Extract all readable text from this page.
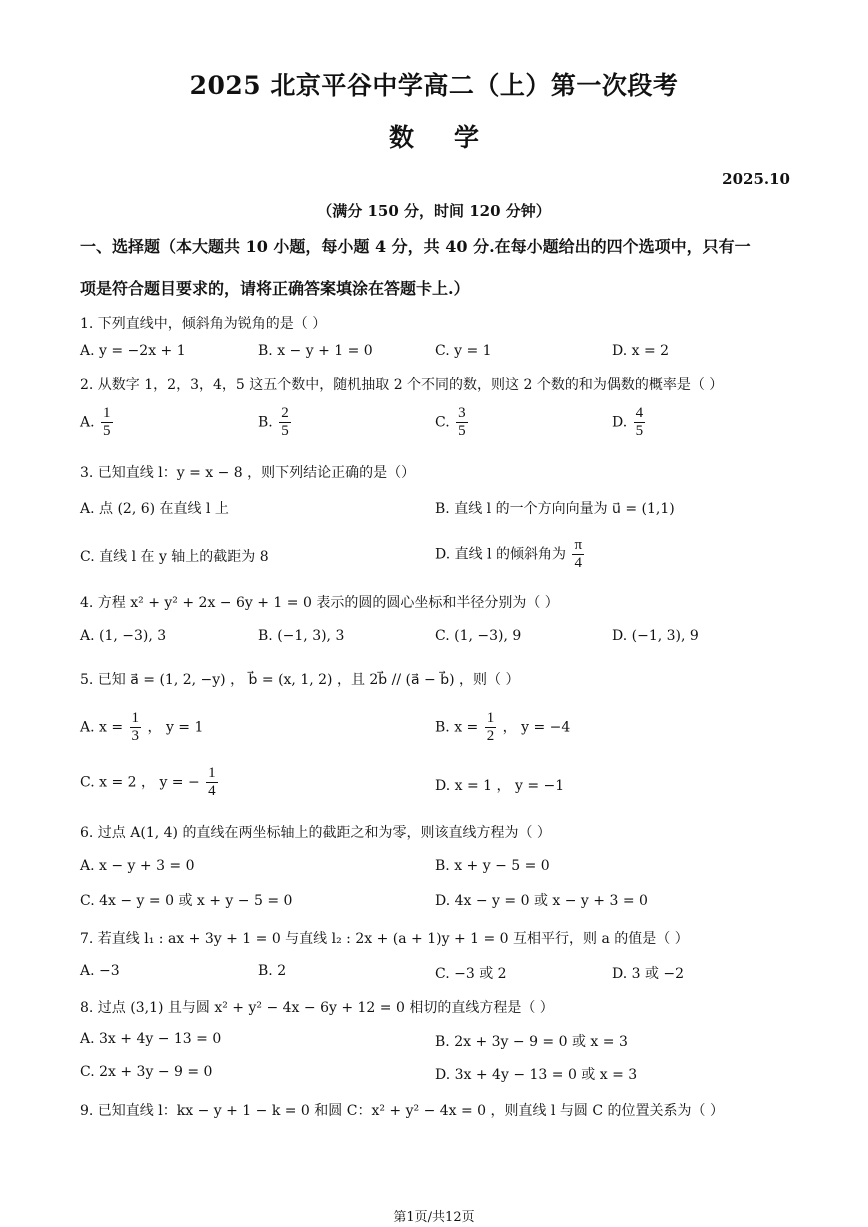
2025 北京平谷中学高二（上）第一次段考
数学
2025.10
（满分 150 分，时间 120 分钟）
一、选择题（本大题共 10 小题，每小题 4 分，共 40 分.在每小题给出的四个选项中，只有一
项是符合题目要求的，请将正确答案填涂在答题卡上.）
1. 下列直线中，倾斜角为锐角的是（ ）
A. y = −2x + 1	B. x − y + 1 = 0	C. y = 1	D. x = 2
2. 从数字 1，2，3，4，5 这五个数中，随机抽取 2 个不同的数，则这 2 个数的和为偶数的概率是（ ）
A. $\frac{1}{5}$	B. $\frac{2}{5}$	C. $\frac{3}{5}$	D. $\frac{4}{5}$
3. 已知直线 l：y = x − 8 ，则下列结论正确的是（）
A. 点 (2, 6) 在直线 l 上	B. 直线 l 的一个方向向量为 u⃗ = (1,1)
C. 直线 l 在 y 轴上的截距为 8	D. 直线 l 的倾斜角为 $\frac{\pi}{4}$
4. 方程 x² + y² + 2x − 6y + 1 = 0 表示的圆的圆心坐标和半径分别为（ ）
A. (1, −3), 3	B. (−1, 3), 3	C. (1, −3), 9	D. (−1, 3), 9
5. 已知 a⃗ = (1, 2, −y) ， b⃗ = (x, 1, 2) ，且 2b⃗ // (a⃗ − b⃗) ，则（ ）
A. $x = \frac{1}{3}$ ， y = 1	B. $x = \frac{1}{2}$ ， y = −4
C. x = 2 ， y = − $\frac{1}{4}$	D. x = 1 ， y = −1
6. 过点 A(1, 4) 的直线在两坐标轴上的截距之和为零，则该直线方程为（ ）
A. x − y + 3 = 0	B. x + y − 5 = 0
C. 4x − y = 0 或 x + y − 5 = 0	D. 4x − y = 0 或 x − y + 3 = 0
7. 若直线 l₁ : ax + 3y + 1 = 0 与直线 l₂ : 2x + (a + 1)y + 1 = 0 互相平行，则 a 的值是（ ）
A. −3	B. 2	C. −3 或 2	D. 3 或 −2
8. 过点 (3,1) 且与圆 x² + y² − 4x − 6y + 12 = 0 相切的直线方程是（ ）
A. 3x + 4y − 13 = 0	B. 2x + 3y − 9 = 0 或 x = 3
C. 2x + 3y − 9 = 0	D. 3x + 4y − 13 = 0 或 x = 3
9. 已知直线 l：kx − y + 1 − k = 0 和圆 C：x² + y² − 4x = 0 ，则直线 l 与圆 C 的位置关系为（ ）
第1页/共12页
